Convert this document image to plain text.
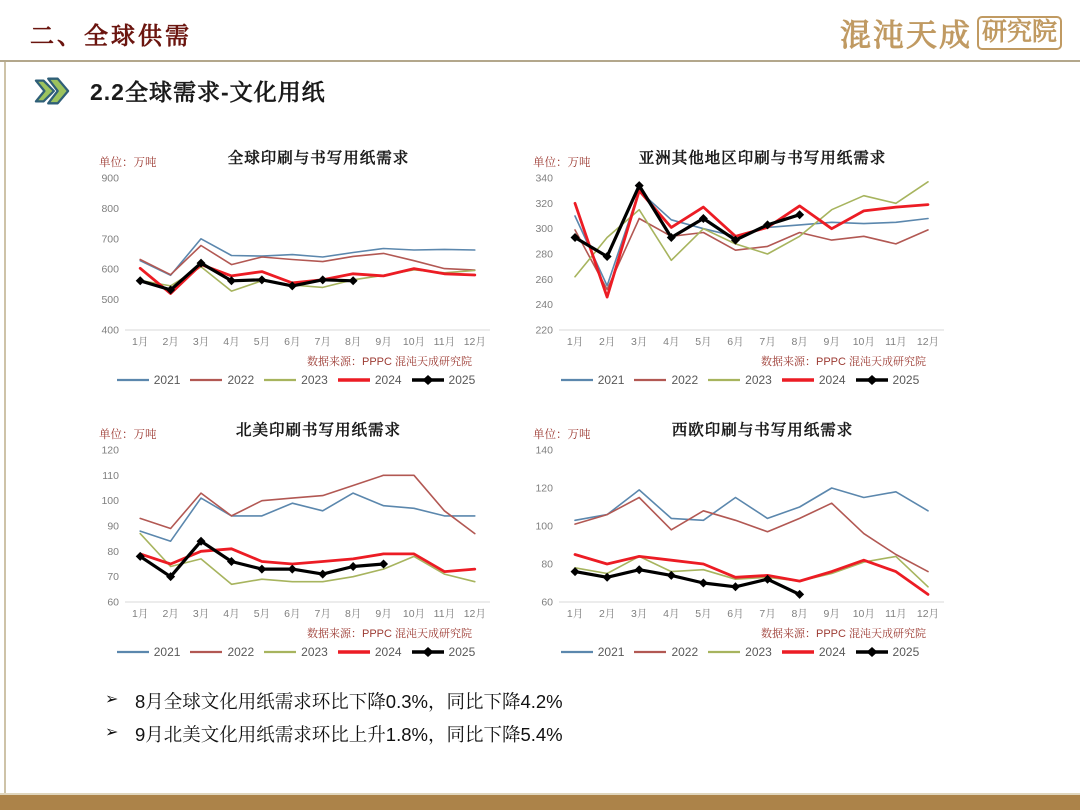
二、全球供需	混沌天成 研究院
2.2全球需求-文化用纸
单位：万吨	全球印刷与书写用纸需求
400
500
600
700
800
900
1月 2月 3月 4月 5月 6月 7月 8月 9月 10月 11月 12月
数据来源：PPPC 混沌天成研究院
2021	2022	2023	2024	2025
单位：万吨	亚洲其他地区印刷与书写用纸需求
220
240
260
280
300
320
340
1月 2月 3月 4月 5月 6月 7月 8月 9月 10月 11月 12月
数据来源：PPPC 混沌天成研究院
2021	2022	2023	2024	2025
单位：万吨	北美印刷书写用纸需求
60
70
80
90
100
110
120
1月 2月 3月 4月 5月 6月 7月 8月 9月 10月 11月 12月
数据来源：PPPC 混沌天成研究院
2021	2022	2023	2024	2025
单位：万吨	西欧印刷与书写用纸需求
60
80
100
120
140
1月 2月 3月 4月 5月 6月 7月 8月 9月 10月 11月 12月
数据来源：PPPC 混沌天成研究院
2021	2022	2023	2024	2025
➢ 8月全球文化用纸需求环比下降0.3%，同比下降4.2%
➢ 9月北美文化用纸需求环比上升1.8%，同比下降5.4%
